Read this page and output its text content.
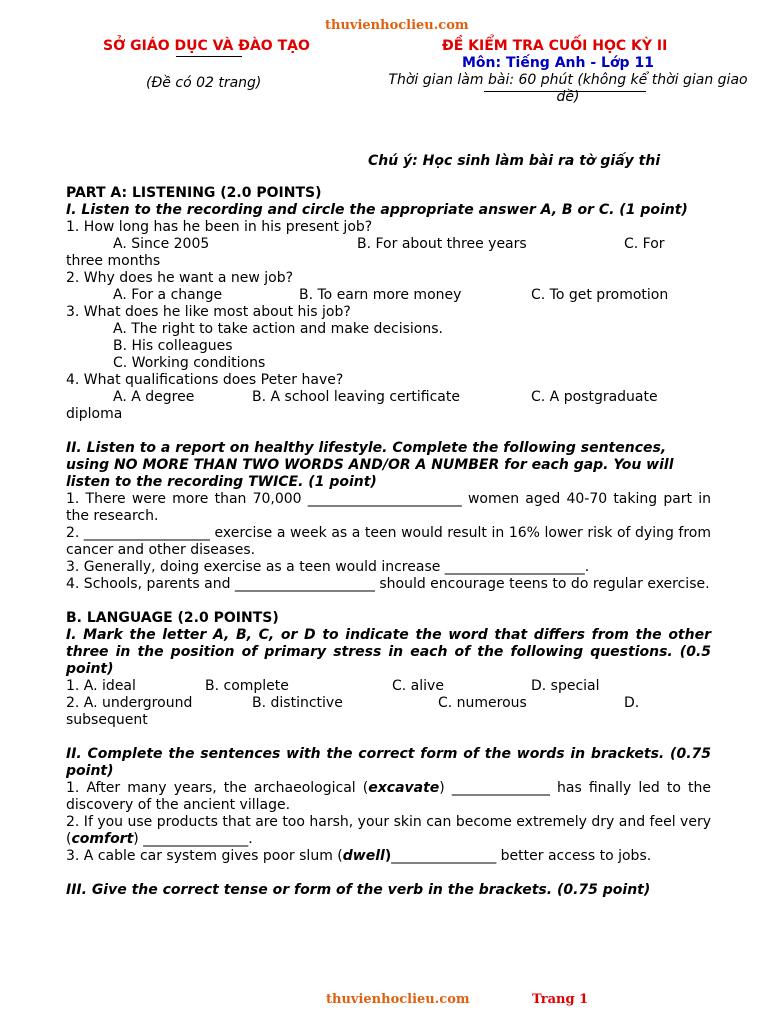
thuvienhoclieu.com
SỞ GIÁO DỤC VÀ ĐÀO TẠO	ĐỀ KIỂM TRA CUỐI HỌC KỲ II
Môn: Tiếng Anh - Lớp 11
(Đề có 02 trang)	Thời gian làm bài: 60 phút (không kể thời gian giao đề)
Chú ý: Học sinh làm bài ra tờ giấy thi
PART A: LISTENING (2.0 POINTS)
I. Listen to the recording and circle the appropriate answer A, B or C. (1 point)
1. How long has he been in his present job?
A. Since 2005	B. For about three years	C. For
three months
2. Why does he want a new job?
A. For a change	B. To earn more money	C. To get promotion
3. What does he like most about his job?
A. The right to take action and make decisions.
B. His colleagues
C. Working conditions
4. What qualifications does Peter have?
A. A degree	B. A school leaving certificate	C. A postgraduate
diploma
II. Listen to a report on healthy lifestyle. Complete the following sentences, using NO MORE THAN TWO WORDS AND/OR A NUMBER for each gap. You will listen to the recording TWICE. (1 point)
1. There were more than 70,000 ______________________ women aged 40-70 taking part in the research.
2. __________________ exercise a week as a teen would result in 16% lower risk of dying from cancer and other diseases.
3. Generally, doing exercise as a teen would increase ____________________.
4. Schools, parents and ____________________ should encourage teens to do regular exercise.
B. LANGUAGE (2.0 POINTS)
I. Mark the letter A, B, C, or D to indicate the word that differs from the other three in the position of primary stress in each of the following questions. (0.5 point)
1. A. ideal	B. complete	C. alive	D. special
2. A. underground	B. distinctive	C. numerous	D.
subsequent
II. Complete the sentences with the correct form of the words in brackets. (0.75 point)
1. After many years, the archaeological (excavate) ______________ has finally led to the discovery of the ancient village.
2. If you use products that are too harsh, your skin can become extremely dry and feel very (comfort) _______________.
3. A cable car system gives poor slum (dwell)_______________ better access to jobs.
III. Give the correct tense or form of the verb in the brackets. (0.75 point)
thuvienhoclieu.com	Trang 1
